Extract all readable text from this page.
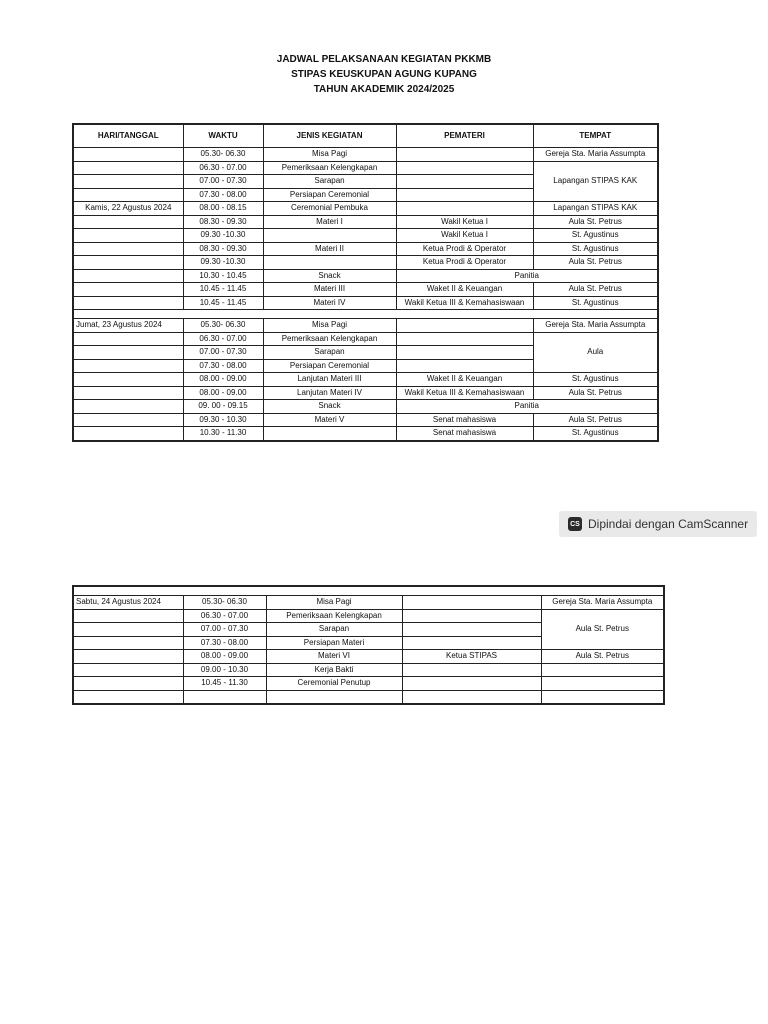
JADWAL PELAKSANAAN KEGIATAN PKKMB
STIPAS KEUSKUPAN AGUNG KUPANG
TAHUN AKADEMIK 2024/2025
HARI/TANGGAL	WAKTU	JENIS KEGIATAN	PEMATERI	TEMPAT
	05.30- 06.30	Misa Pagi		Gereja Sta. Maria Assumpta
	06.30 - 07.00	Pemeriksaan Kelengkapan		Lapangan STIPAS KAK
	07.00 - 07.30	Sarapan		
	07.30 - 08.00	Persiapan Ceremonial		
Kamis, 22 Agustus 2024	08.00 - 08.15	Ceremonial Pembuka		Lapangan STIPAS KAK
	08.30 - 09.30	Materi I	Wakil Ketua I	Aula St. Petrus
	09.30 -10.30		Wakil Ketua I	St. Agustinus
	08.30 - 09.30	Materi II	Ketua Prodi & Operator	St. Agustinus
	09.30 -10.30		Ketua Prodi & Operator	Aula St. Petrus
	10.30 - 10.45	Snack	Panitia	
	10.45 - 11.45	Materi III	Waket II & Keuangan	Aula St. Petrus
	10.45 - 11.45	Materi IV	Wakil Ketua III & Kemahasiswaan	St. Agustinus

Jumat, 23 Agustus 2024	05.30- 06.30	Misa Pagi		Gereja Sta. Maria Assumpta
	06.30 - 07.00	Pemeriksaan Kelengkapan		Aula
	07.00 - 07.30	Sarapan		
	07.30 - 08.00	Persiapan Ceremonial		
	08.00 - 09.00	Lanjutan Materi III	Waket II & Keuangan	St. Agustinus
	08.00 - 09.00	Lanjutan Materi IV	Wakil Ketua III & Kemahasiswaan	Aula St. Petrus
	09. 00 - 09.15	Snack	Panitia	
	09.30 - 10.30	Materi V	Senat mahasiswa	Aula St. Petrus
	10.30 - 11.30		Senat mahasiswa	St. Agustinus
CS Dipindai dengan CamScanner

Sabtu, 24 Agustus 2024	05.30- 06.30	Misa Pagi		Gereja Sta. Maria Assumpta
	06.30 - 07.00	Pemeriksaan Kelengkapan		Aula St. Petrus
	07.00 - 07.30	Sarapan		
	07.30 - 08.00	Persiapan Materi		
	08.00 - 09.00	Materi VI	Ketua STIPAS	Aula St. Petrus
	09.00 - 10.30	Kerja Bakti		
	10.45 - 11.30	Ceremonial Penutup		
